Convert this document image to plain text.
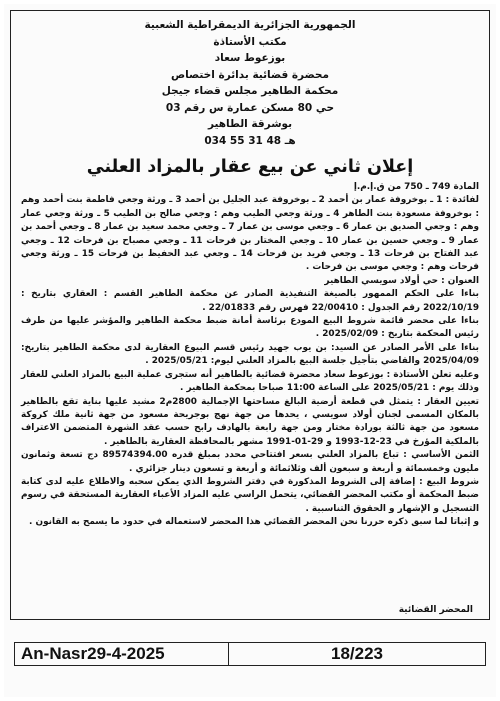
الجمهورية الجزائرية الديمقراطية الشعبية
مكتب الأستاذة
بوزعوط سعاد
محضرة قضائية بدائرة اختصاص
محكمة الطاهير مجلس قضاء جيجل
حي 80 مسكن عمارة س رقم 03
بوشرقة الطاهير
هـ 48 31 55 034
إعلان ثاني عن بيع عقار بالمزاد العلني

المادة 749 ـ 750 من ق.إ.م.إ

لفائدة : 1 ـ بوخروفة عمار بن أحمد 2 ـ بوخروفة عبد الجليل بن أحمد 3 ـ ورثة وجعي فاطمة بنت أحمد وهم : بوخروفة مسعودة بنت الطاهر 4 ـ ورثة وجعي الطيب وهم : وجعي صالح بن الطيب 5 ـ ورثة وجعي عمار وهم : وجعي الصديق بن عمار 6 ـ وجعي موسى بن عمار 7 ـ وجعي محمد سعيد بن عمار 8 ـ وجعي أحمد بن عمار 9 ـ وجعي حسين بن عمار 10 ـ وجعي المختار بن فرحات 11 ـ وجعي مصباح بن فرحات 12 ـ وجعي عبد الفتاح بن فرحات 13 ـ وجعي فريد بن فرحات 14 ـ وجعي عبد الحفيظ بن فرحات 15 ـ ورثة وجعي فرحات وهم : وجعي موسى بن فرحات .

العنوان : حي أولاد سويسي الطاهير

بناءا على الحكم الممهور بالصيغة التنفيذية الصادر عن محكمة الطاهير القسم : العقاري بتاريخ : 2022/10/19 رقم الجدول : 22/00410 فهرس رقم 22/01833 .

بناءا على محضر قائمة شروط البيع المودع برئاسة أمانة ضبط محكمة الطاهير والمؤشر عليها من طرف رئيس المحكمة بتاريخ : 2025/02/09 .

بناءا على الأمر الصادر عن السيد: بن يوب جهيد رئيس قسم البيوع العقارية لدى محكمة الطاهير بتاريخ: 2025/04/09 والقاضي بتأجيل جلسة البيع بالمزاد العلني ليوم: 2025/05/21 .

وعليه تعلن الأستاذة : بوزعوط سعاد محضرة قضائية بالطاهير أنه ستجرى عملية البيع بالمزاد العلني للعقار وذلك يوم : 2025/05/21 على الساعة 11:00 صباحا بمحكمة الطاهير .

تعيين العقار : يتمثل في قطعة أرضية البالغ مساحتها الإجمالية 2800م2 مشيد عليها بناية تقع بالطاهير بالمكان المسمى لجنان أولاد سويسي ، يحدها من جهة نهج بوجريحة مسعود من جهة ثانية ملك كروكة مسعود من جهة ثالثة بورادة مختار ومن جهة رابعة بالهادف رابح حسب عقد الشهرة المتضمن الاعتراف بالملكية المؤرخ في 23-12-1993 و 29-01-1991 مشهر بالمحافظة العقارية بالطاهير .

الثمن الأساسي : تباع بالمزاد العلني بسعر افتتاحي محدد بمبلغ قدره 89574394.00 دج تسعة وثمانون مليون وخمسمائة و أربعة و سبعون ألف وثلاثمائة و أربعة و تسعون دينار جزائري .

شروط البيع : إضافة إلى الشروط المذكورة في دفتر الشروط الذي يمكن سحبه والاطلاع عليه لدى كتابة ضبط المحكمة أو مكتب المحضر القضائي، يتحمل الراسي عليه المزاد الأعباء العقارية المستحقة في رسوم التسجيل و الإشهار و الحقوق التناسبية .

و إثباتا لما سبق ذكره حررنا نحن المحضر القضائي هذا المحضر لاستعماله في حدود ما يسمح به القانون .

المحضر القضائية
An-Nasr29-4-2025	18/223
